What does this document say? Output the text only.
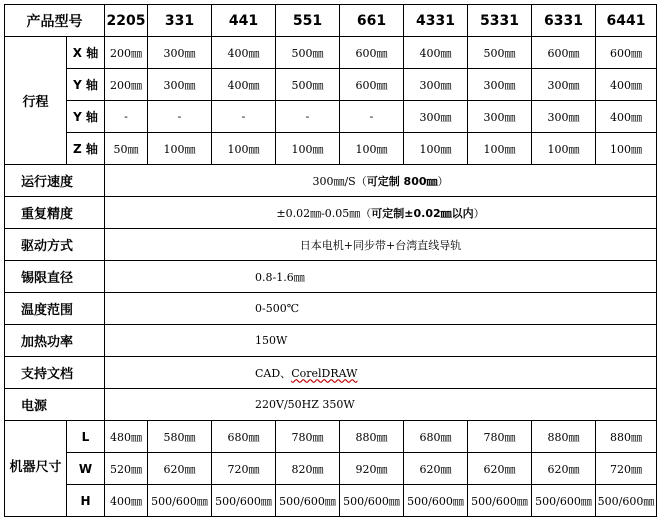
产品型号		2205	331	441	551	661	4331	5331	6331	6441
行程	X 轴	200㎜	300㎜	400㎜	500㎜	600㎜	400㎜	500㎜	600㎜	600㎜
	Y 轴	200㎜	300㎜	400㎜	500㎜	600㎜	300㎜	300㎜	300㎜	400㎜
	Y 轴	-	-	-	-	-	300㎜	300㎜	300㎜	400㎜
	Z 轴	50㎜	100㎜	100㎜	100㎜	100㎜	100㎜	100㎜	100㎜	100㎜
运行速度		300㎜/S（可定制 800㎜）								
重复精度		±0.02㎜-0.05㎜（可定制±0.02㎜以内）								
驱动方式		日本电机+同步带+台湾直线导轨								
锡限直径		0.8-1.6㎜								
温度范围		0-500℃								
加热功率		150W								
支持文档		CAD、CorelDRAW								
电源		220V/50HZ 350W								
机器尺寸	L	480㎜	580㎜	680㎜	780㎜	880㎜	680㎜	780㎜	880㎜	880㎜
	W	520㎜	620㎜	720㎜	820㎜	920㎜	620㎜	620㎜	620㎜	720㎜
	H	400㎜	500/600㎜	500/600㎜	500/600㎜	500/600㎜	500/600㎜	500/600㎜	500/600㎜	500/600㎜
